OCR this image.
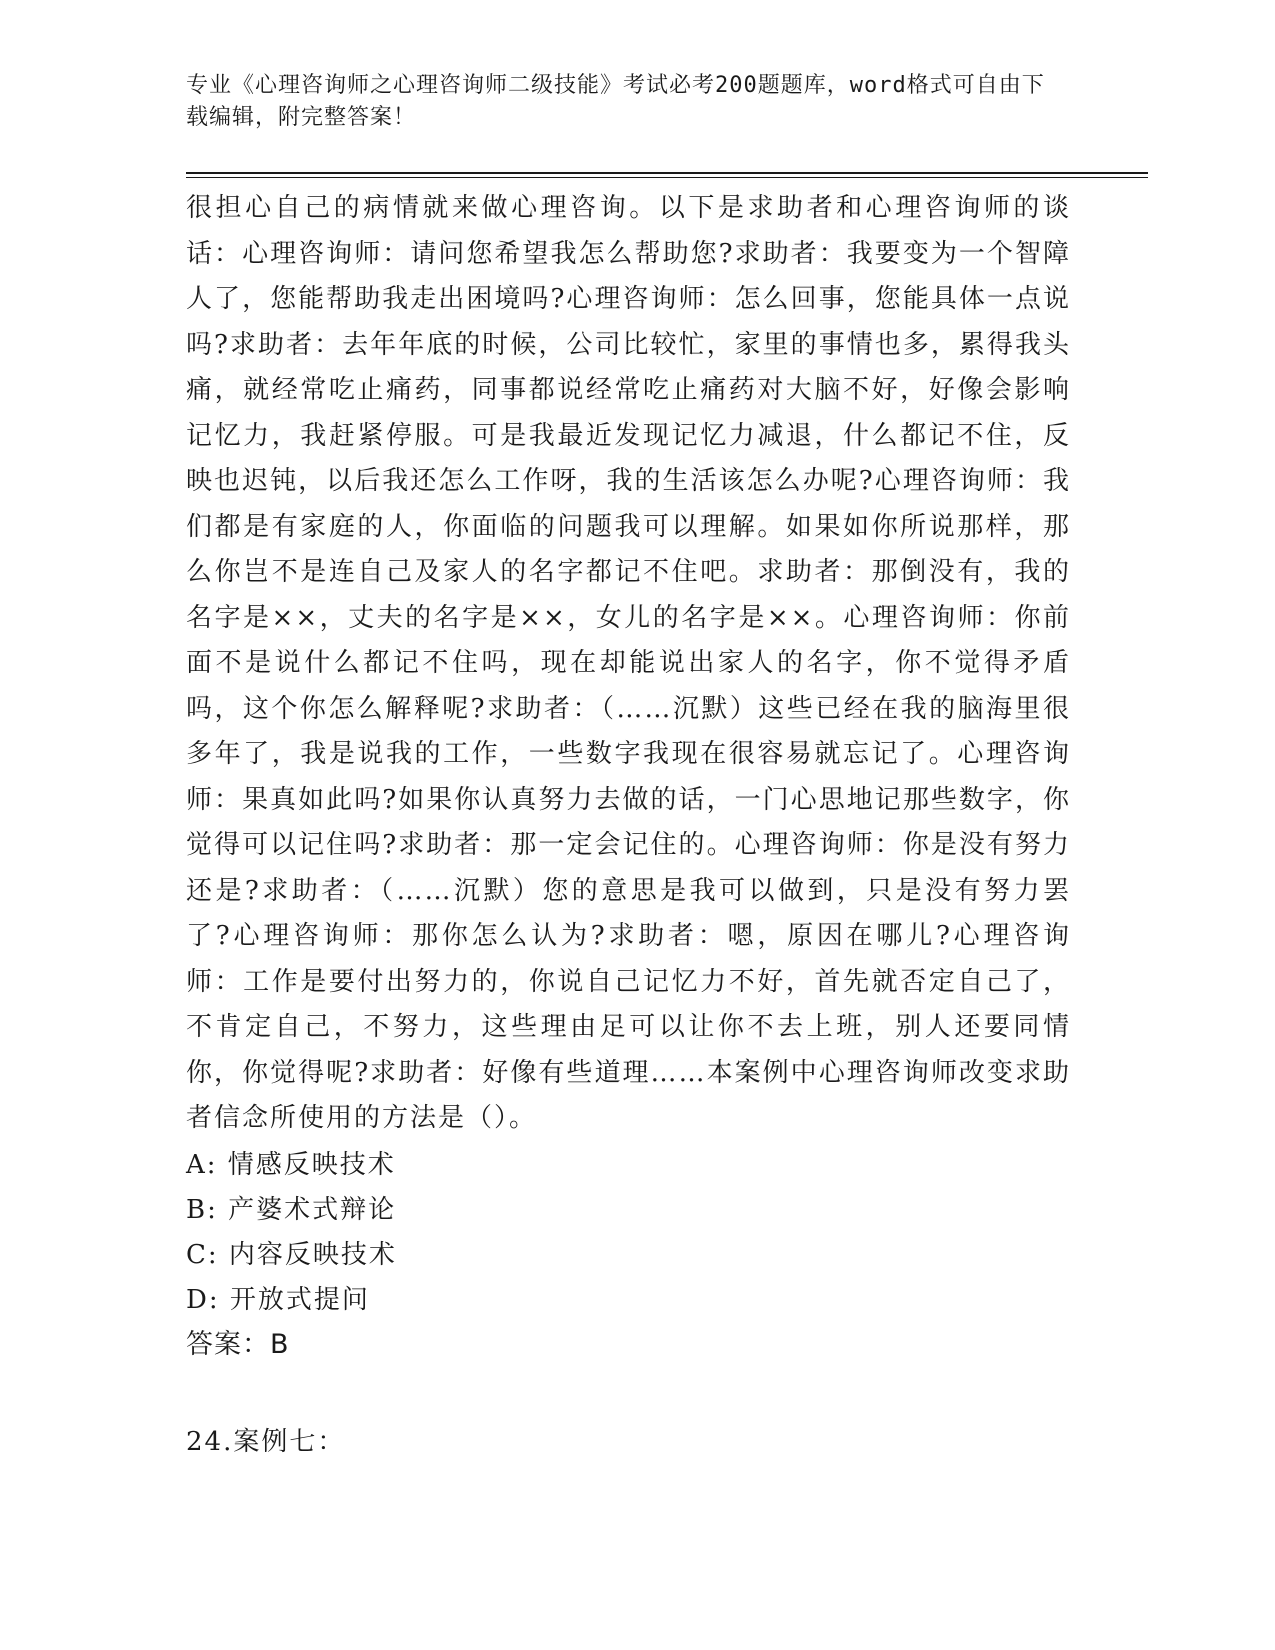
专业《心理咨询师之心理咨询师二级技能》考试必考200题题库，word格式可自由下载编辑，附完整答案！
很担心自己的病情就来做心理咨询。以下是求助者和心理咨询师的谈话：心理咨询师：请问您希望我怎么帮助您?求助者：我要变为一个智障人了，您能帮助我走出困境吗?心理咨询师：怎么回事，您能具体一点说吗?求助者：去年年底的时候，公司比较忙，家里的事情也多，累得我头痛，就经常吃止痛药，同事都说经常吃止痛药对大脑不好，好像会影响记忆力，我赶紧停服。可是我最近发现记忆力减退，什么都记不住，反映也迟钝，以后我还怎么工作呀，我的生活该怎么办呢?心理咨询师：我们都是有家庭的人，你面临的问题我可以理解。如果如你所说那样，那么你岂不是连自己及家人的名字都记不住吧。求助者：那倒没有，我的名字是××，丈夫的名字是××，女儿的名字是××。心理咨询师：你前面不是说什么都记不住吗，现在却能说出家人的名字，你不觉得矛盾吗，这个你怎么解释呢?求助者：（……沉默）这些已经在我的脑海里很多年了，我是说我的工作，一些数字我现在很容易就忘记了。心理咨询师：果真如此吗?如果你认真努力去做的话，一门心思地记那些数字，你觉得可以记住吗?求助者：那一定会记住的。心理咨询师：你是没有努力还是?求助者：（……沉默）您的意思是我可以做到，只是没有努力罢了?心理咨询师：那你怎么认为?求助者：嗯，原因在哪儿?心理咨询师：工作是要付出努力的，你说自己记忆力不好，首先就否定自己了，不肯定自己，不努力，这些理由足可以让你不去上班，别人还要同情你，你觉得呢?求助者：好像有些道理……本案例中心理咨询师改变求助者信念所使用的方法是（）。
A: 情感反映技术
B: 产婆术式辩论
C: 内容反映技术
D: 开放式提问
答案：B
24.案例七：
